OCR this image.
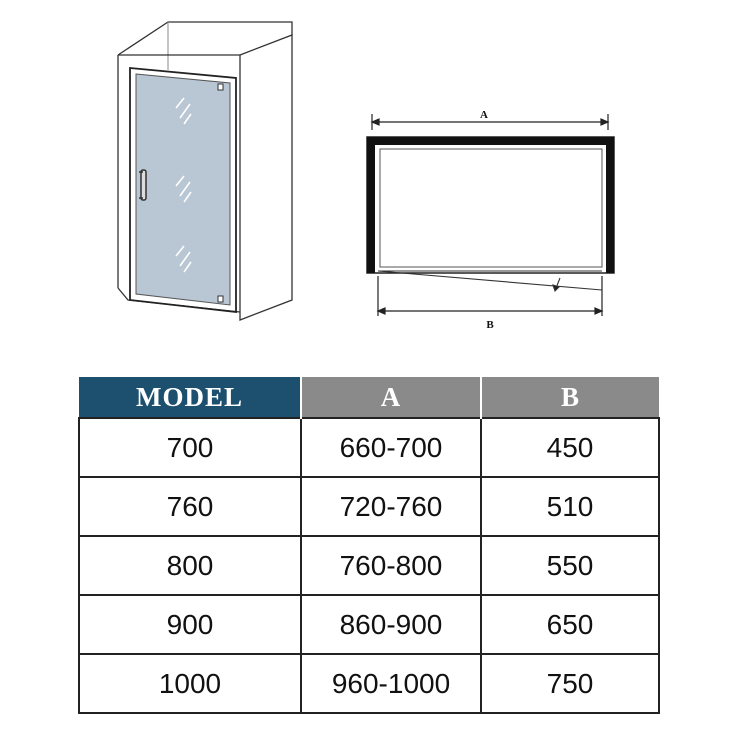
A
B
MODEL	A	B
700	660-700	450
760	720-760	510
800	760-800	550
900	860-900	650
1000	960-1000	750
